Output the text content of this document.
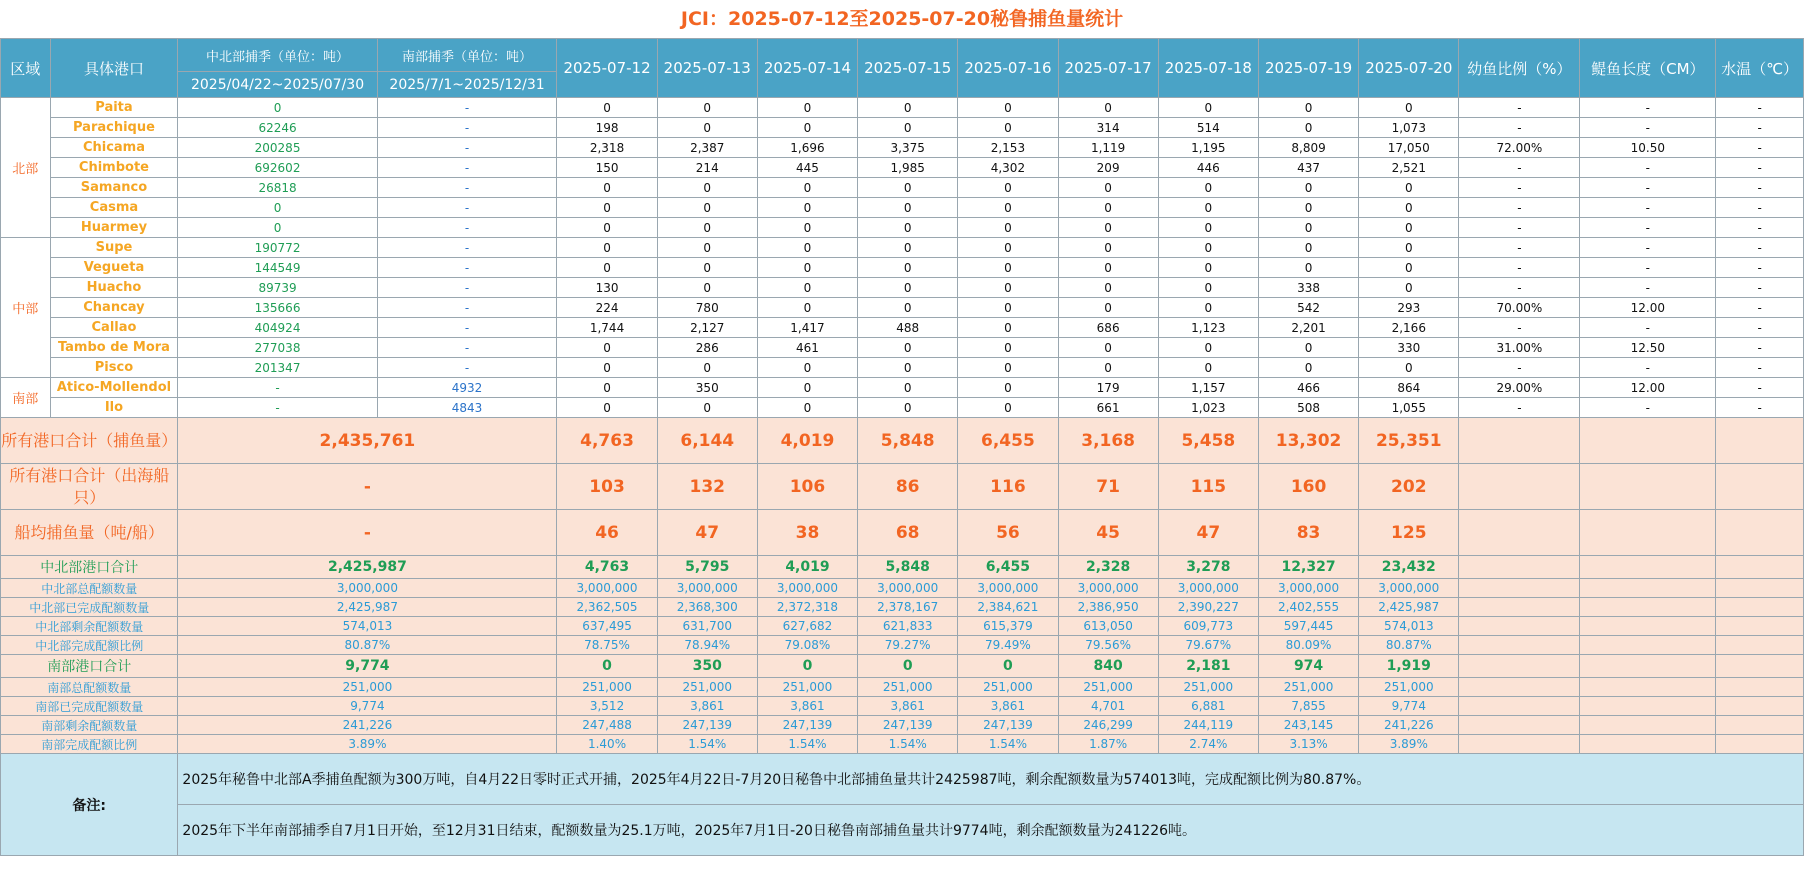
JCI：2025-07-12至2025-07-20秘鲁捕鱼量统计
区域	具体港口	中北部捕季（单位：吨）	南部捕季（单位：吨）	2025-07-12	2025-07-13	2025-07-14	2025-07-15	2025-07-16	2025-07-17	2025-07-18	2025-07-19	2025-07-20	幼鱼比例（%）	鳀鱼长度（CM）	水温（℃）
		2025/04/22~2025/07/30	2025/7/1~2025/12/31												
北部	Paita	0	-	0	0	0	0	0	0	0	0	0	-	-	-
	Parachique	62246	-	198	0	0	0	0	314	514	0	1,073	-	-	-
	Chicama	200285	-	2,318	2,387	1,696	3,375	2,153	1,119	1,195	8,809	17,050	72.00%	10.50	-
	Chimbote	692602	-	150	214	445	1,985	4,302	209	446	437	2,521	-	-	-
	Samanco	26818	-	0	0	0	0	0	0	0	0	0	-	-	-
	Casma	0	-	0	0	0	0	0	0	0	0	0	-	-	-
	Huarmey	0	-	0	0	0	0	0	0	0	0	0	-	-	-
中部	Supe	190772	-	0	0	0	0	0	0	0	0	0	-	-	-
	Vegueta	144549	-	0	0	0	0	0	0	0	0	0	-	-	-
	Huacho	89739	-	130	0	0	0	0	0	0	338	0	-	-	-
	Chancay	135666	-	224	780	0	0	0	0	0	542	293	70.00%	12.00	-
	Callao	404924	-	1,744	2,127	1,417	488	0	686	1,123	2,201	2,166	-	-	-
	Tambo de Mora	277038	-	0	286	461	0	0	0	0	0	330	31.00%	12.50	-
	Pisco	201347	-	0	0	0	0	0	0	0	0	0	-	-	-
南部	Atico-Mollendol	-	4932	0	350	0	0	0	179	1,157	466	864	29.00%	12.00	-
	Ilo	-	4843	0	0	0	0	0	661	1,023	508	1,055	-	-	-
所有港口合计（捕鱼量）		2,435,761		4,763	6,144	4,019	5,848	6,455	3,168	5,458	13,302	25,351			
所有港口合计（出海船只）		-		103	132	106	86	116	71	115	160	202			
船均捕鱼量（吨/船）		-		46	47	38	68	56	45	47	83	125			
中北部港口合计		2,425,987		4,763	5,795	4,019	5,848	6,455	2,328	3,278	12,327	23,432			
中北部总配额数量		3,000,000		3,000,000	3,000,000	3,000,000	3,000,000	3,000,000	3,000,000	3,000,000	3,000,000	3,000,000			
中北部已完成配额数量		2,425,987		2,362,505	2,368,300	2,372,318	2,378,167	2,384,621	2,386,950	2,390,227	2,402,555	2,425,987			
中北部剩余配额数量		574,013		637,495	631,700	627,682	621,833	615,379	613,050	609,773	597,445	574,013			
中北部完成配额比例		80.87%		78.75%	78.94%	79.08%	79.27%	79.49%	79.56%	79.67%	80.09%	80.87%			
南部港口合计		9,774		0	350	0	0	0	840	2,181	974	1,919			
南部总配额数量		251,000		251,000	251,000	251,000	251,000	251,000	251,000	251,000	251,000	251,000			
南部已完成配额数量		9,774		3,512	3,861	3,861	3,861	3,861	4,701	6,881	7,855	9,774			
南部剩余配额数量		241,226		247,488	247,139	247,139	247,139	247,139	246,299	244,119	243,145	241,226			
南部完成配额比例		3.89%		1.40%	1.54%	1.54%	1.54%	1.54%	1.87%	2.74%	3.13%	3.89%			
备注:		2025年秘鲁中北部A季捕鱼配额为300万吨，自4月22日零时正式开捕，2025年4月22日-7月20日秘鲁中北部捕鱼量共计2425987吨，剩余配额数量为574013吨，完成配额比例为80.87%。													
		2025年下半年南部捕季自7月1日开始，至12月31日结束，配额数量为25.1万吨，2025年7月1日-20日秘鲁南部捕鱼量共计9774吨，剩余配额数量为241226吨。													
